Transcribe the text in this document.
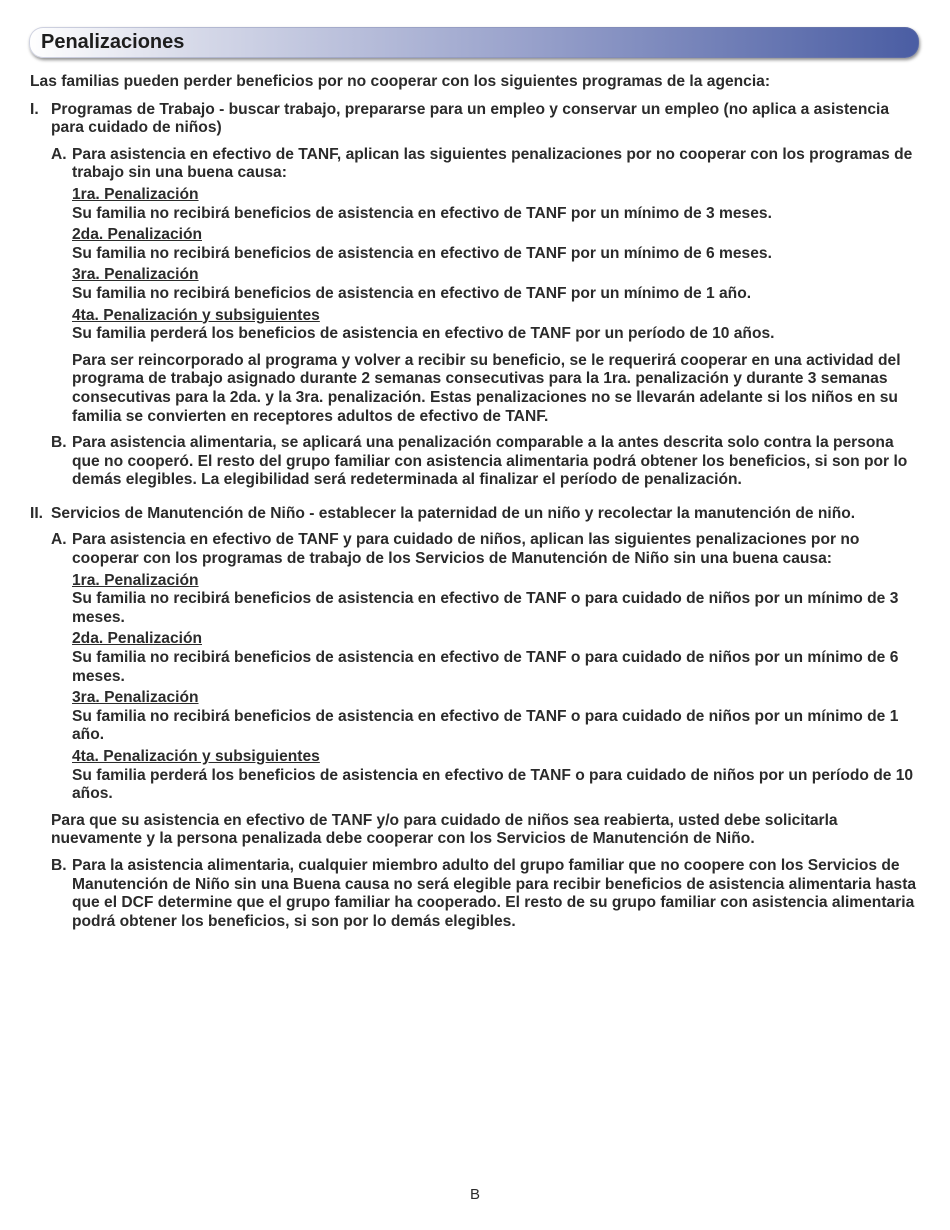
Penalizaciones

Las familias pueden perder beneficios por no cooperar con los siguientes programas de la agencia:

I. Programas de Trabajo - buscar trabajo, prepararse para un empleo y conservar un empleo (no aplica a asistencia para cuidado de niños)
A. Para asistencia en efectivo de TANF, aplican las siguientes penalizaciones por no cooperar con los programas de trabajo sin una buena causa:
1ra. Penalización
Su familia no recibirá beneficios de asistencia en efectivo de TANF por un mínimo de 3 meses.
2da. Penalización
Su familia no recibirá beneficios de asistencia en efectivo de TANF por un mínimo de 6 meses.
3ra. Penalización
Su familia no recibirá beneficios de asistencia en efectivo de TANF por un mínimo de 1 año.
4ta. Penalización y subsiguientes
Su familia perderá los beneficios de asistencia en efectivo de TANF por un período de 10 años.
Para ser reincorporado al programa y volver a recibir su beneficio, se le requerirá cooperar en una actividad del programa de trabajo asignado durante 2 semanas consecutivas para la 1ra. penalización y durante 3 semanas consecutivas para la 2da. y la 3ra. penalización. Estas penalizaciones no se llevarán adelante si los niños en su familia se convierten en receptores adultos de efectivo de TANF.
B. Para asistencia alimentaria, se aplicará una penalización comparable a la antes descrita solo contra la persona que no cooperó. El resto del grupo familiar con asistencia alimentaria podrá obtener los beneficios, si son por lo demás elegibles. La elegibilidad será redeterminada al finalizar el período de penalización.
II. Servicios de Manutención de Niño - establecer la paternidad de un niño y recolectar la manutención de niño.
A. Para asistencia en efectivo de TANF y para cuidado de niños, aplican las siguientes penalizaciones por no cooperar con los programas de trabajo de los Servicios de Manutención de Niño sin una buena causa:
1ra. Penalización
Su familia no recibirá beneficios de asistencia en efectivo de TANF o para cuidado de niños por un mínimo de 3 meses.
2da. Penalización
Su familia no recibirá beneficios de asistencia en efectivo de TANF o para cuidado de niños por un mínimo de 6 meses.
3ra. Penalización
Su familia no recibirá beneficios de asistencia en efectivo de TANF o para cuidado de niños por un mínimo de 1 año.
4ta. Penalización y subsiguientes
Su familia perderá los beneficios de asistencia en efectivo de TANF o para cuidado de niños por un período de 10 años.
Para que su asistencia en efectivo de TANF y/o para cuidado de niños sea reabierta, usted debe solicitarla nuevamente y la persona penalizada debe cooperar con los Servicios de Manutención de Niño.
B. Para la asistencia alimentaria, cualquier miembro adulto del grupo familiar que no coopere con los Servicios de Manutención de Niño sin una Buena causa no será elegible para recibir beneficios de asistencia alimentaria hasta que el DCF determine que el grupo familiar ha cooperado. El resto de su grupo familiar con asistencia alimentaria podrá obtener los beneficios, si son por lo demás elegibles.
B
